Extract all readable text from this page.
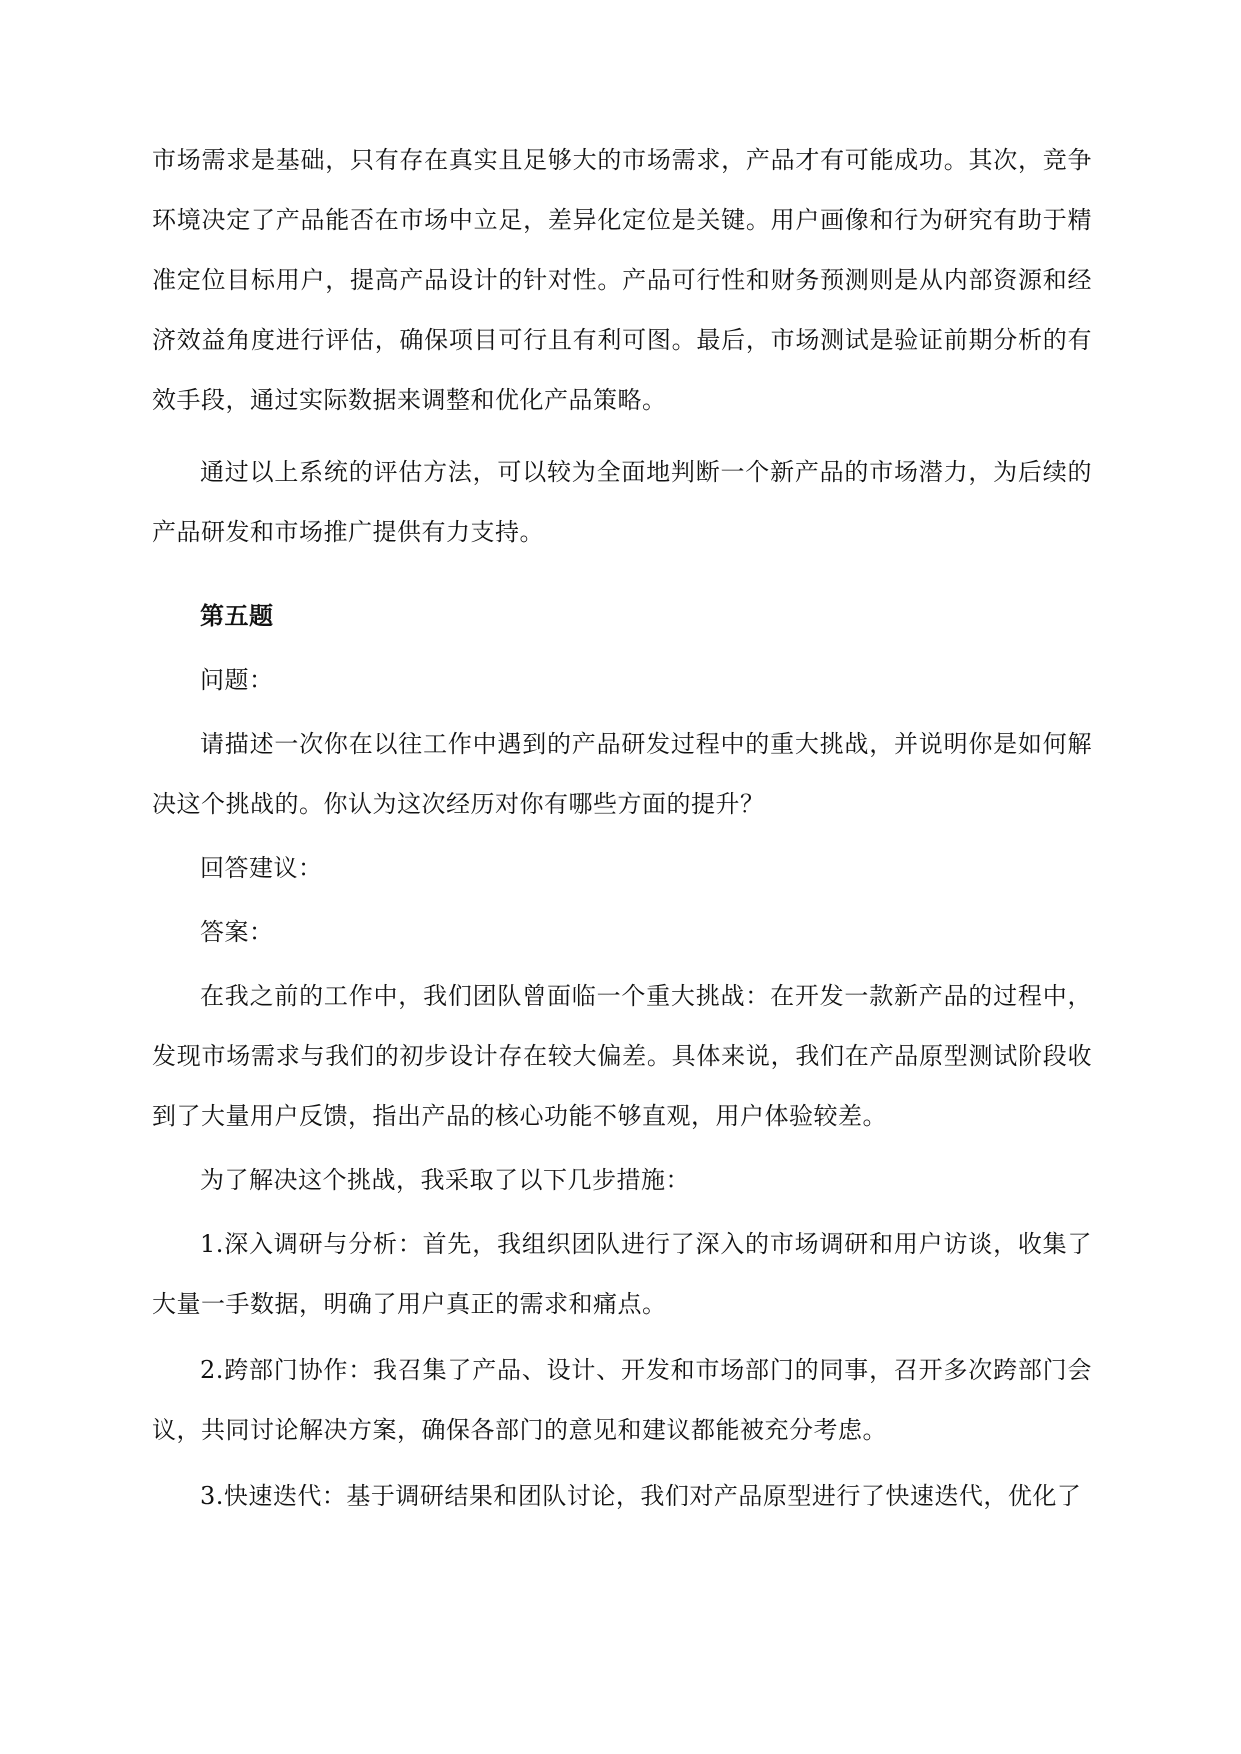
市场需求是基础，只有存在真实且足够大的市场需求，产品才有可能成功。其次，竞争环境决定了产品能否在市场中立足，差异化定位是关键。用户画像和行为研究有助于精准定位目标用户，提高产品设计的针对性。产品可行性和财务预测则是从内部资源和经济效益角度进行评估，确保项目可行且有利可图。最后，市场测试是验证前期分析的有效手段，通过实际数据来调整和优化产品策略。

通过以上系统的评估方法，可以较为全面地判断一个新产品的市场潜力，为后续的产品研发和市场推广提供有力支持。

第五题

问题：

请描述一次你在以往工作中遇到的产品研发过程中的重大挑战，并说明你是如何解决这个挑战的。你认为这次经历对你有哪些方面的提升？

回答建议：

答案：

在我之前的工作中，我们团队曾面临一个重大挑战：在开发一款新产品的过程中，发现市场需求与我们的初步设计存在较大偏差。具体来说，我们在产品原型测试阶段收到了大量用户反馈，指出产品的核心功能不够直观，用户体验较差。

为了解决这个挑战，我采取了以下几步措施：

1.深入调研与分析：首先，我组织团队进行了深入的市场调研和用户访谈，收集了大量一手数据，明确了用户真正的需求和痛点。

2.跨部门协作：我召集了产品、设计、开发和市场部门的同事，召开多次跨部门会议，共同讨论解决方案，确保各部门的意见和建议都能被充分考虑。

3.快速迭代：基于调研结果和团队讨论，我们对产品原型进行了快速迭代，优化了
